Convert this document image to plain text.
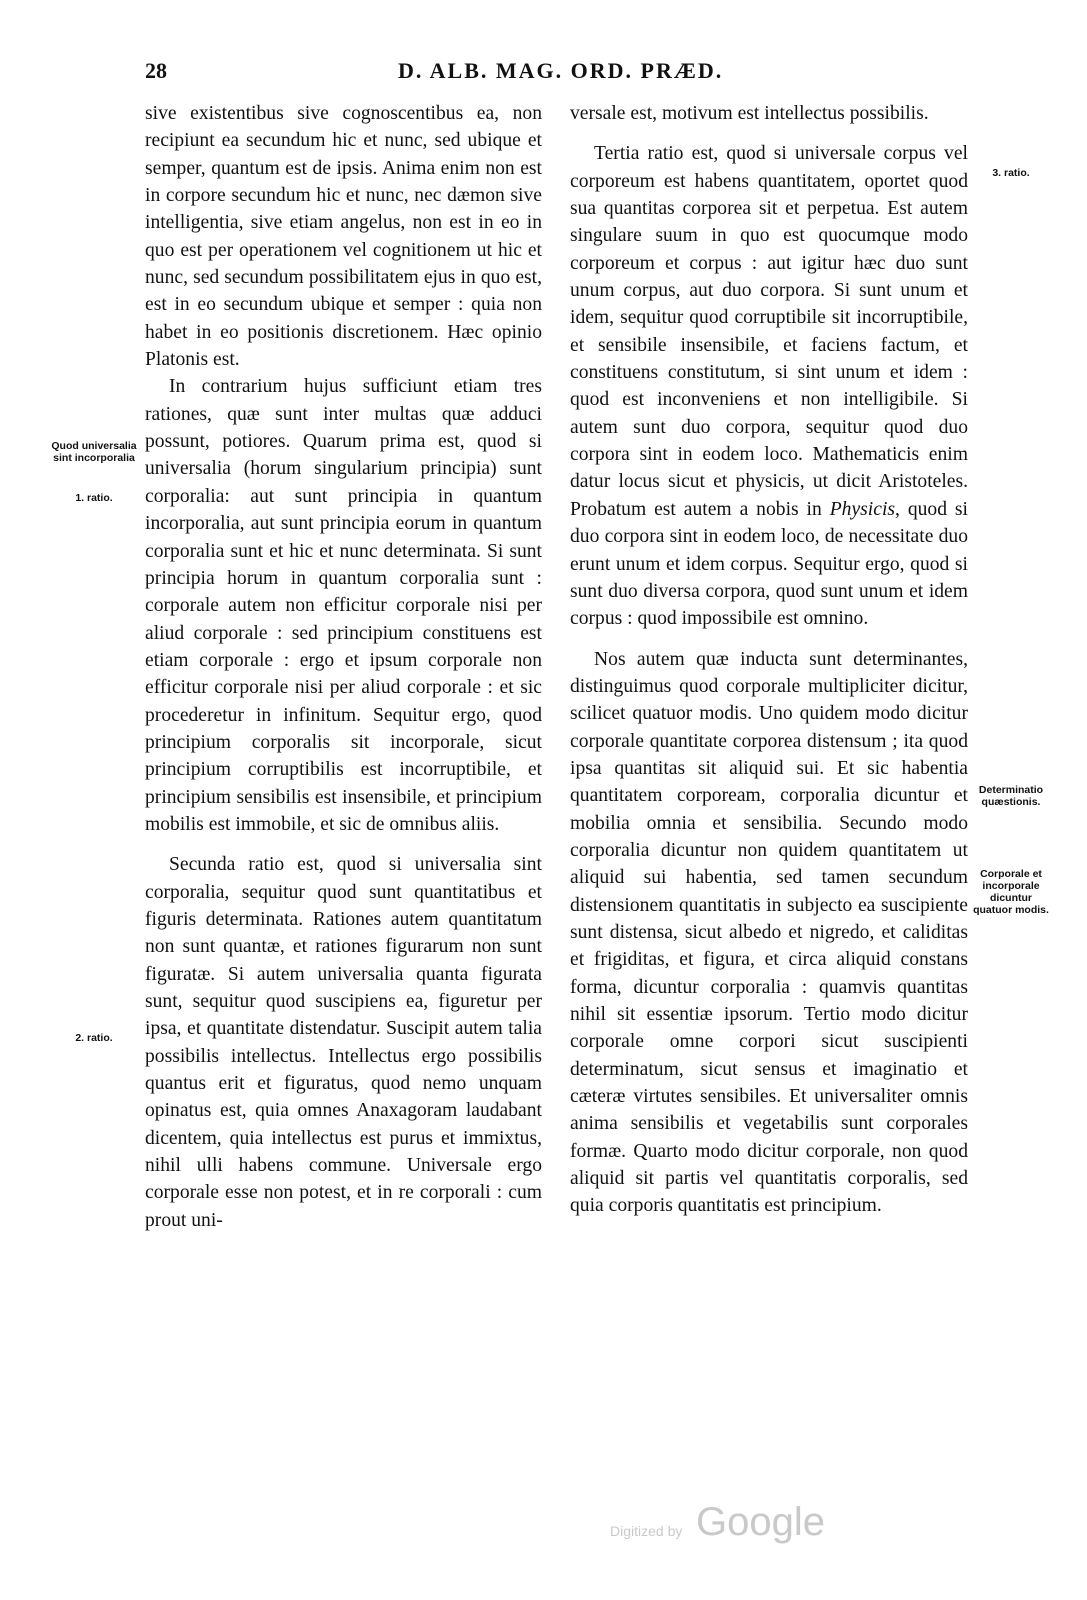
28	D. ALB. MAG. ORD. PRÆD.
Quod universalia sint incorporalia
1. ratio.
2. ratio.
3. ratio.
Determinatio quæstionis.
Corporale et incorporale dicuntur quatuor modis.

sive existentibus sive cognoscentibus ea, non recipiunt ea secundum hic et nunc, sed ubique et semper, quantum est de ipsis. Anima enim non est in corpore secundum hic et nunc, nec dæmon sive intelligentia, sive etiam angelus, non est in eo in quo est per operationem vel cognitionem ut hic et nunc, sed secundum possibilitatem ejus in quo est, est in eo secundum ubique et semper : quia non habet in eo positionis discretionem. Hæc opinio Platonis est.

In contrarium hujus sufficiunt etiam tres rationes, quæ sunt inter multas quæ adduci possunt, potiores. Quarum prima est, quod si universalia (horum singularium principia) sunt corporalia: aut sunt principia in quantum incorporalia, aut sunt principia eorum in quantum corporalia sunt et hic et nunc determinata. Si sunt principia horum in quantum corporalia sunt : corporale autem non efficitur corporale nisi per aliud corporale : sed principium constituens est etiam corporale : ergo et ipsum corporale non efficitur corporale nisi per aliud corporale : et sic procederetur in infinitum. Sequitur ergo, quod principium corporalis sit incorporale, sicut principium corruptibilis est incorruptibile, et principium sensibilis est insensibile, et principium mobilis est immobile, et sic de omnibus aliis.

Secunda ratio est, quod si universalia sint corporalia, sequitur quod sunt quantitatibus et figuris determinata. Rationes autem quantitatum non sunt quantæ, et rationes figurarum non sunt figuratæ. Si autem universalia quanta figurata sunt, sequitur quod suscipiens ea, figuretur per ipsa, et quantitate distendatur. Suscipit autem talia possibilis intellectus. Intellectus ergo possibilis quantus erit et figuratus, quod nemo unquam opinatus est, quia omnes Anaxagoram laudabant dicentem, quia intellectus est purus et immixtus, nihil ulli habens commune. Universale ergo corporale esse non potest, et in re corporali : cum prout uni-

versale est, motivum est intellectus possibilis.

Tertia ratio est, quod si universale corpus vel corporeum est habens quantitatem, oportet quod sua quantitas corporea sit et perpetua. Est autem singulare suum in quo est quocumque modo corporeum et corpus : aut igitur hæc duo sunt unum corpus, aut duo corpora. Si sunt unum et idem, sequitur quod corruptibile sit incorruptibile, et sensibile insensibile, et faciens factum, et constituens constitutum, si sint unum et idem : quod est inconveniens et non intelligibile. Si autem sunt duo corpora, sequitur quod duo corpora sint in eodem loco. Mathematicis enim datur locus sicut et physicis, ut dicit Aristoteles. Probatum est autem a nobis in Physicis, quod si duo corpora sint in eodem loco, de necessitate duo erunt unum et idem corpus. Sequitur ergo, quod si sunt duo diversa corpora, quod sunt unum et idem corpus : quod impossibile est omnino.

Nos autem quæ inducta sunt determinantes, distinguimus quod corporale multipliciter dicitur, scilicet quatuor modis. Uno quidem modo dicitur corporale quantitate corporea distensum ; ita quod ipsa quantitas sit aliquid sui. Et sic habentia quantitatem corpoream, corporalia dicuntur et mobilia omnia et sensibilia. Secundo modo corporalia dicuntur non quidem quantitatem ut aliquid sui habentia, sed tamen secundum distensionem quantitatis in subjecto ea suscipiente sunt distensa, sicut albedo et nigredo, et caliditas et frigiditas, et figura, et circa aliquid constans forma, dicuntur corporalia : quamvis quantitas nihil sit essentiæ ipsorum. Tertio modo dicitur corporale omne corpori sicut suscipienti determinatum, sicut sensus et imaginatio et cæteræ virtutes sensibiles. Et universaliter omnis anima sensibilis et vegetabilis sunt corporales formæ. Quarto modo dicitur corporale, non quod aliquid sit partis vel quantitatis corporalis, sed quia corporis quantitatis est principium.

Digitized by Google
